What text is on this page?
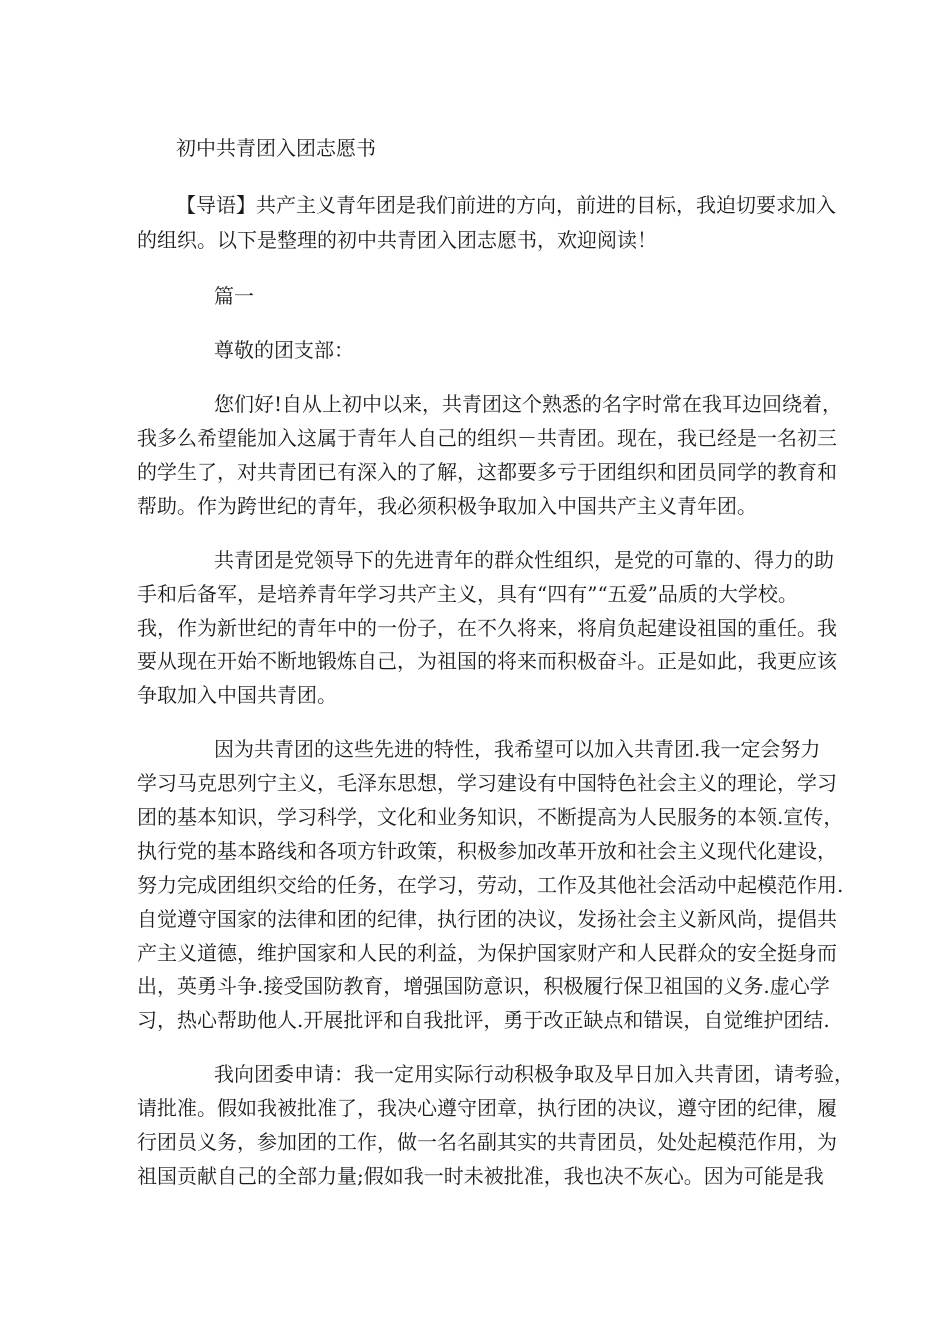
初中共青团入团志愿书
【导语】共产主义青年团是我们前进的方向，前进的目标，我迫切要求加入
的组织。以下是整理的初中共青团入团志愿书，欢迎阅读！
篇一
尊敬的团支部：
您们好!自从上初中以来，共青团这个熟悉的名字时常在我耳边回绕着，
我多么希望能加入这属于青年人自己的组织－共青团。现在，我已经是一名初三
的学生了，对共青团已有深入的了解，这都要多亏于团组织和团员同学的教育和
帮助。作为跨世纪的青年，我必须积极争取加入中国共产主义青年团。
共青团是党领导下的先进青年的群众性组织，是党的可靠的、得力的助
手和后备军，是培养青年学习共产主义，具有“四有”“五爱”品质的大学校。
我，作为新世纪的青年中的一份子，在不久将来，将肩负起建设祖国的重任。我
要从现在开始不断地锻炼自己，为祖国的将来而积极奋斗。正是如此，我更应该
争取加入中国共青团。
因为共青团的这些先进的特性，我希望可以加入共青团.我一定会努力
学习马克思列宁主义，毛泽东思想，学习建设有中国特色社会主义的理论，学习
团的基本知识，学习科学，文化和业务知识，不断提高为人民服务的本领.宣传，
执行党的基本路线和各项方针政策，积极参加改革开放和社会主义现代化建设，
努力完成团组织交给的任务，在学习，劳动，工作及其他社会活动中起模范作用.
自觉遵守国家的法律和团的纪律，执行团的决议，发扬社会主义新风尚，提倡共
产主义道德，维护国家和人民的利益，为保护国家财产和人民群众的安全挺身而
出，英勇斗争.接受国防教育，增强国防意识，积极履行保卫祖国的义务.虚心学
习，热心帮助他人.开展批评和自我批评，勇于改正缺点和错误，自觉维护团结.
我向团委申请：我一定用实际行动积极争取及早日加入共青团，请考验，
请批准。假如我被批准了，我决心遵守团章，执行团的决议，遵守团的纪律，履
行团员义务，参加团的工作，做一名名副其实的共青团员，处处起模范作用，为
祖国贡献自己的全部力量;假如我一时未被批准，我也决不灰心。因为可能是我
